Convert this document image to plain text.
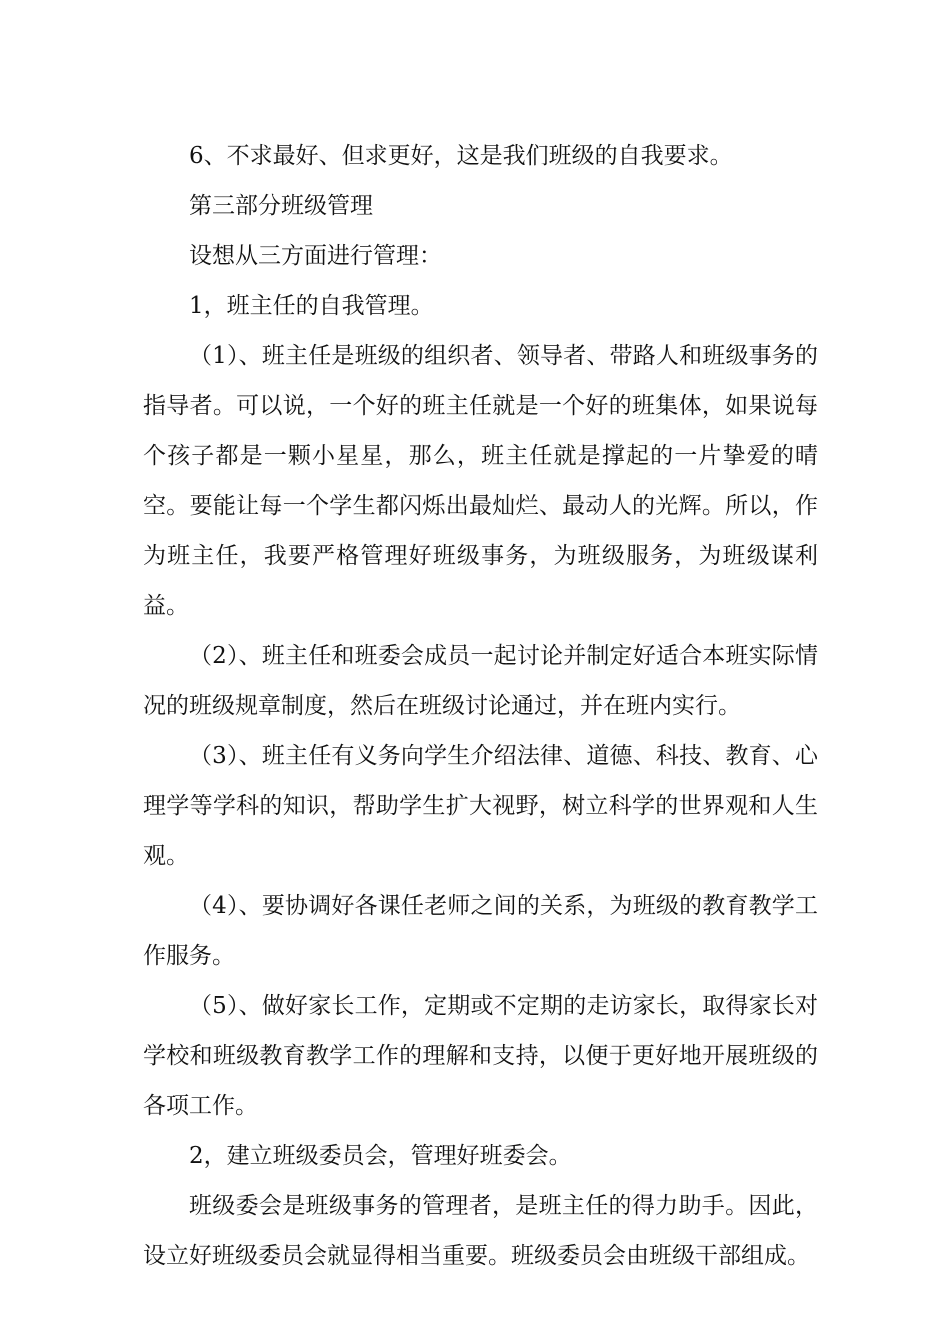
6、不求最好、但求更好，这是我们班级的自我要求。

第三部分班级管理

设想从三方面进行管理：

1，班主任的自我管理。

（1）、班主任是班级的组织者、领导者、带路人和班级事务的指导者。可以说，一个好的班主任就是一个好的班集体，如果说每个孩子都是一颗小星星，那么，班主任就是撑起的一片挚爱的晴空。要能让每一个学生都闪烁出最灿烂、最动人的光辉。所以，作为班主任，我要严格管理好班级事务，为班级服务，为班级谋利益。

（2）、班主任和班委会成员一起讨论并制定好适合本班实际情况的班级规章制度，然后在班级讨论通过，并在班内实行。

（3）、班主任有义务向学生介绍法律、道德、科技、教育、心理学等学科的知识，帮助学生扩大视野，树立科学的世界观和人生观。

（4）、要协调好各课任老师之间的关系，为班级的教育教学工作服务。

（5）、做好家长工作，定期或不定期的走访家长，取得家长对学校和班级教育教学工作的理解和支持，以便于更好地开展班级的各项工作。

2，建立班级委员会，管理好班委会。

班级委会是班级事务的管理者，是班主任的得力助手。因此，设立好班级委员会就显得相当重要。班级委员会由班级干部组成。
